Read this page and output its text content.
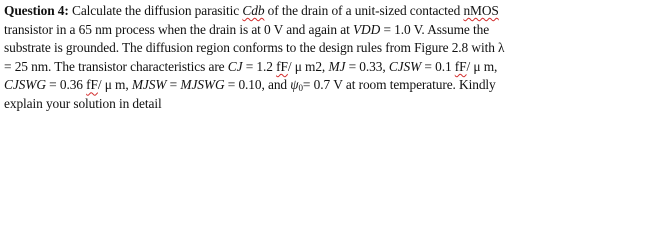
Question 4: Calculate the diffusion parasitic Cdb of the drain of a unit-sized contacted nMOS
transistor in a 65 nm process when the drain is at 0 V and again at VDD = 1.0 V. Assume the
substrate is grounded. The diffusion region conforms to the design rules from Figure 2.8 with λ
= 25 nm. The transistor characteristics are CJ = 1.2 fF/ μ m2, MJ = 0.33, CJSW = 0.1 fF/ μ m,
CJSWG = 0.36 fF/ μ m, MJSW = MJSWG = 0.10, and $\psi_0= 0.7$ V at room temperature. Kindly
explain your solution in detail
